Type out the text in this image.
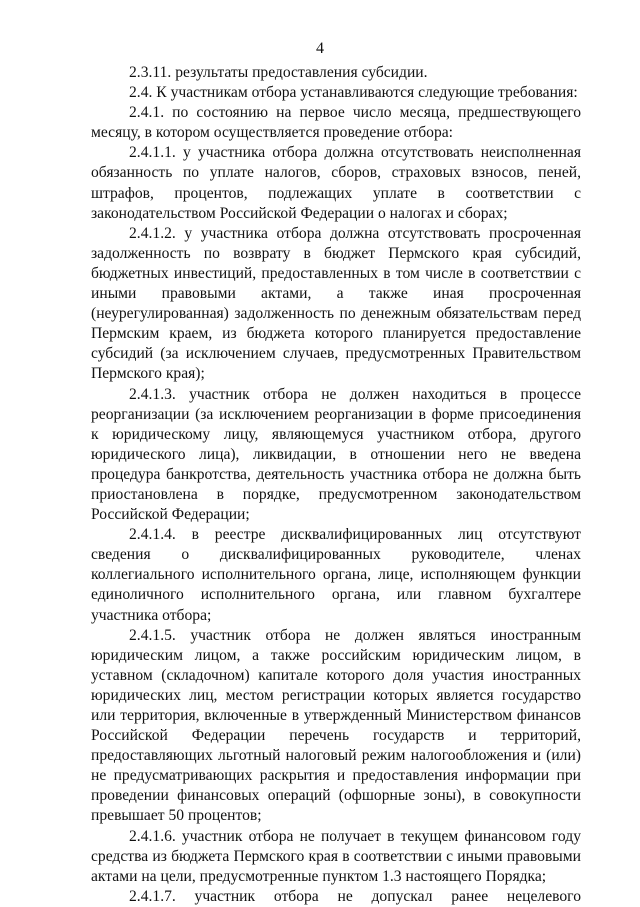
4

2.3.11. результаты предоставления субсидии.

2.4. К участникам отбора устанавливаются следующие требования:

2.4.1. по состоянию на первое число месяца, предшествующего месяцу, в котором осуществляется проведение отбора:

2.4.1.1. у участника отбора должна отсутствовать неисполненная обязанность по уплате налогов, сборов, страховых взносов, пеней, штрафов, процентов, подлежащих уплате в соответствии с законодательством Российской Федерации о налогах и сборах;

2.4.1.2. у участника отбора должна отсутствовать просроченная задолженность по возврату в бюджет Пермского края субсидий, бюджетных инвестиций, предоставленных в том числе в соответствии с иными правовыми актами, а также иная просроченная (неурегулированная) задолженность по денежным обязательствам перед Пермским краем, из бюджета которого планируется предоставление субсидий (за исключением случаев, предусмотренных Правительством Пермского края);

2.4.1.3. участник отбора не должен находиться в процессе реорганизации (за исключением реорганизации в форме присоединения к юридическому лицу, являющемуся участником отбора, другого юридического лица), ликвидации, в отношении него не введена процедура банкротства, деятельность участника отбора не должна быть приостановлена в порядке, предусмотренном законодательством Российской Федерации;

2.4.1.4. в реестре дисквалифицированных лиц отсутствуют сведения о дисквалифицированных руководителе, членах коллегиального исполнительного органа, лице, исполняющем функции единоличного исполнительного органа, или главном бухгалтере участника отбора;

2.4.1.5. участник отбора не должен являться иностранным юридическим лицом, а также российским юридическим лицом, в уставном (складочном) капитале которого доля участия иностранных юридических лиц, местом регистрации которых является государство или территория, включенные в утвержденный Министерством финансов Российской Федерации перечень государств и территорий, предоставляющих льготный налоговый режим налогообложения и (или) не предусматривающих раскрытия и предоставления информации при проведении финансовых операций (офшорные зоны), в совокупности превышает 50 процентов;

2.4.1.6. участник отбора не получает в текущем финансовом году средства из бюджета Пермского края в соответствии с иными правовыми актами на цели, предусмотренные пунктом 1.3 настоящего Порядка;

2.4.1.7. участник отбора не допускал ранее нецелевого
